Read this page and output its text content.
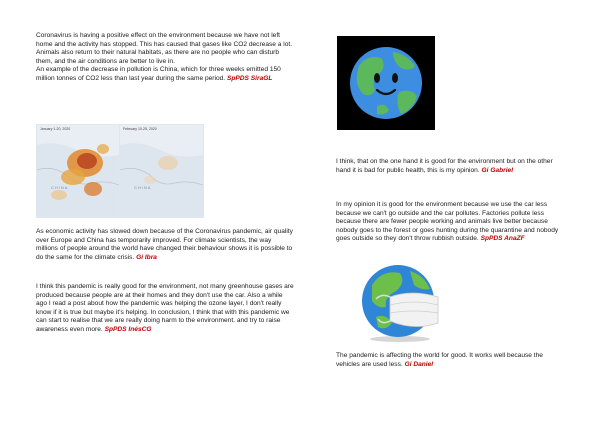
Coronavirus is having a positive effect on the environment because we have not left home and the activity has stopped. This has caused that gases like CO2 decrease a lot. Animals also return to their natural habitats, as there are no people who can disturb them, and the air conditions are better to live in.
An example of the decrease in pollution is China, which for three weeks emitted 150 million tonnes of CO2 less than last year during the same period. SpPDS SiraGL
January 1-20, 2020
CHINA
February 10-25, 2020
CHINA
As economic activity has slowed down because of the Coronavirus pandemic, air quality over Europe and China has temporarily improved. For climate scientists, the way millions of people around the world have changed their behaviour shows it is possible to do the same for the climate crisis. Gi Ibra
I think this pandemic is really good for the environment, not many greenhouse gases are produced because people are at their homes and they don't use the car. Also a while ago I read a post about how the pandemic was helping the ozone layer, I don't really know if it is true but maybe it's helping. In conclusion, I think that with this pandemic we can start to realise that we are really doing harm to the environment. and try to raise awareness even more. SpPDS InésCG
I think, that on the one hand it is good for the environment but on the other hand it is bad for public health, this is my opinion. Gi Gabriel
In my opinion it is good for the environment because we use the car less because we can't go outside and the car pollutes. Factories pollute less because there are fewer people working and animals live better because nobody goes to the forest or goes hunting during the quarantine and nobody goes outside so they don't throw rubbish outside. SpPDS AnaZF
The pandemic is affecting the world for good. It works well because the vehicles are used less. Gi Daniel
